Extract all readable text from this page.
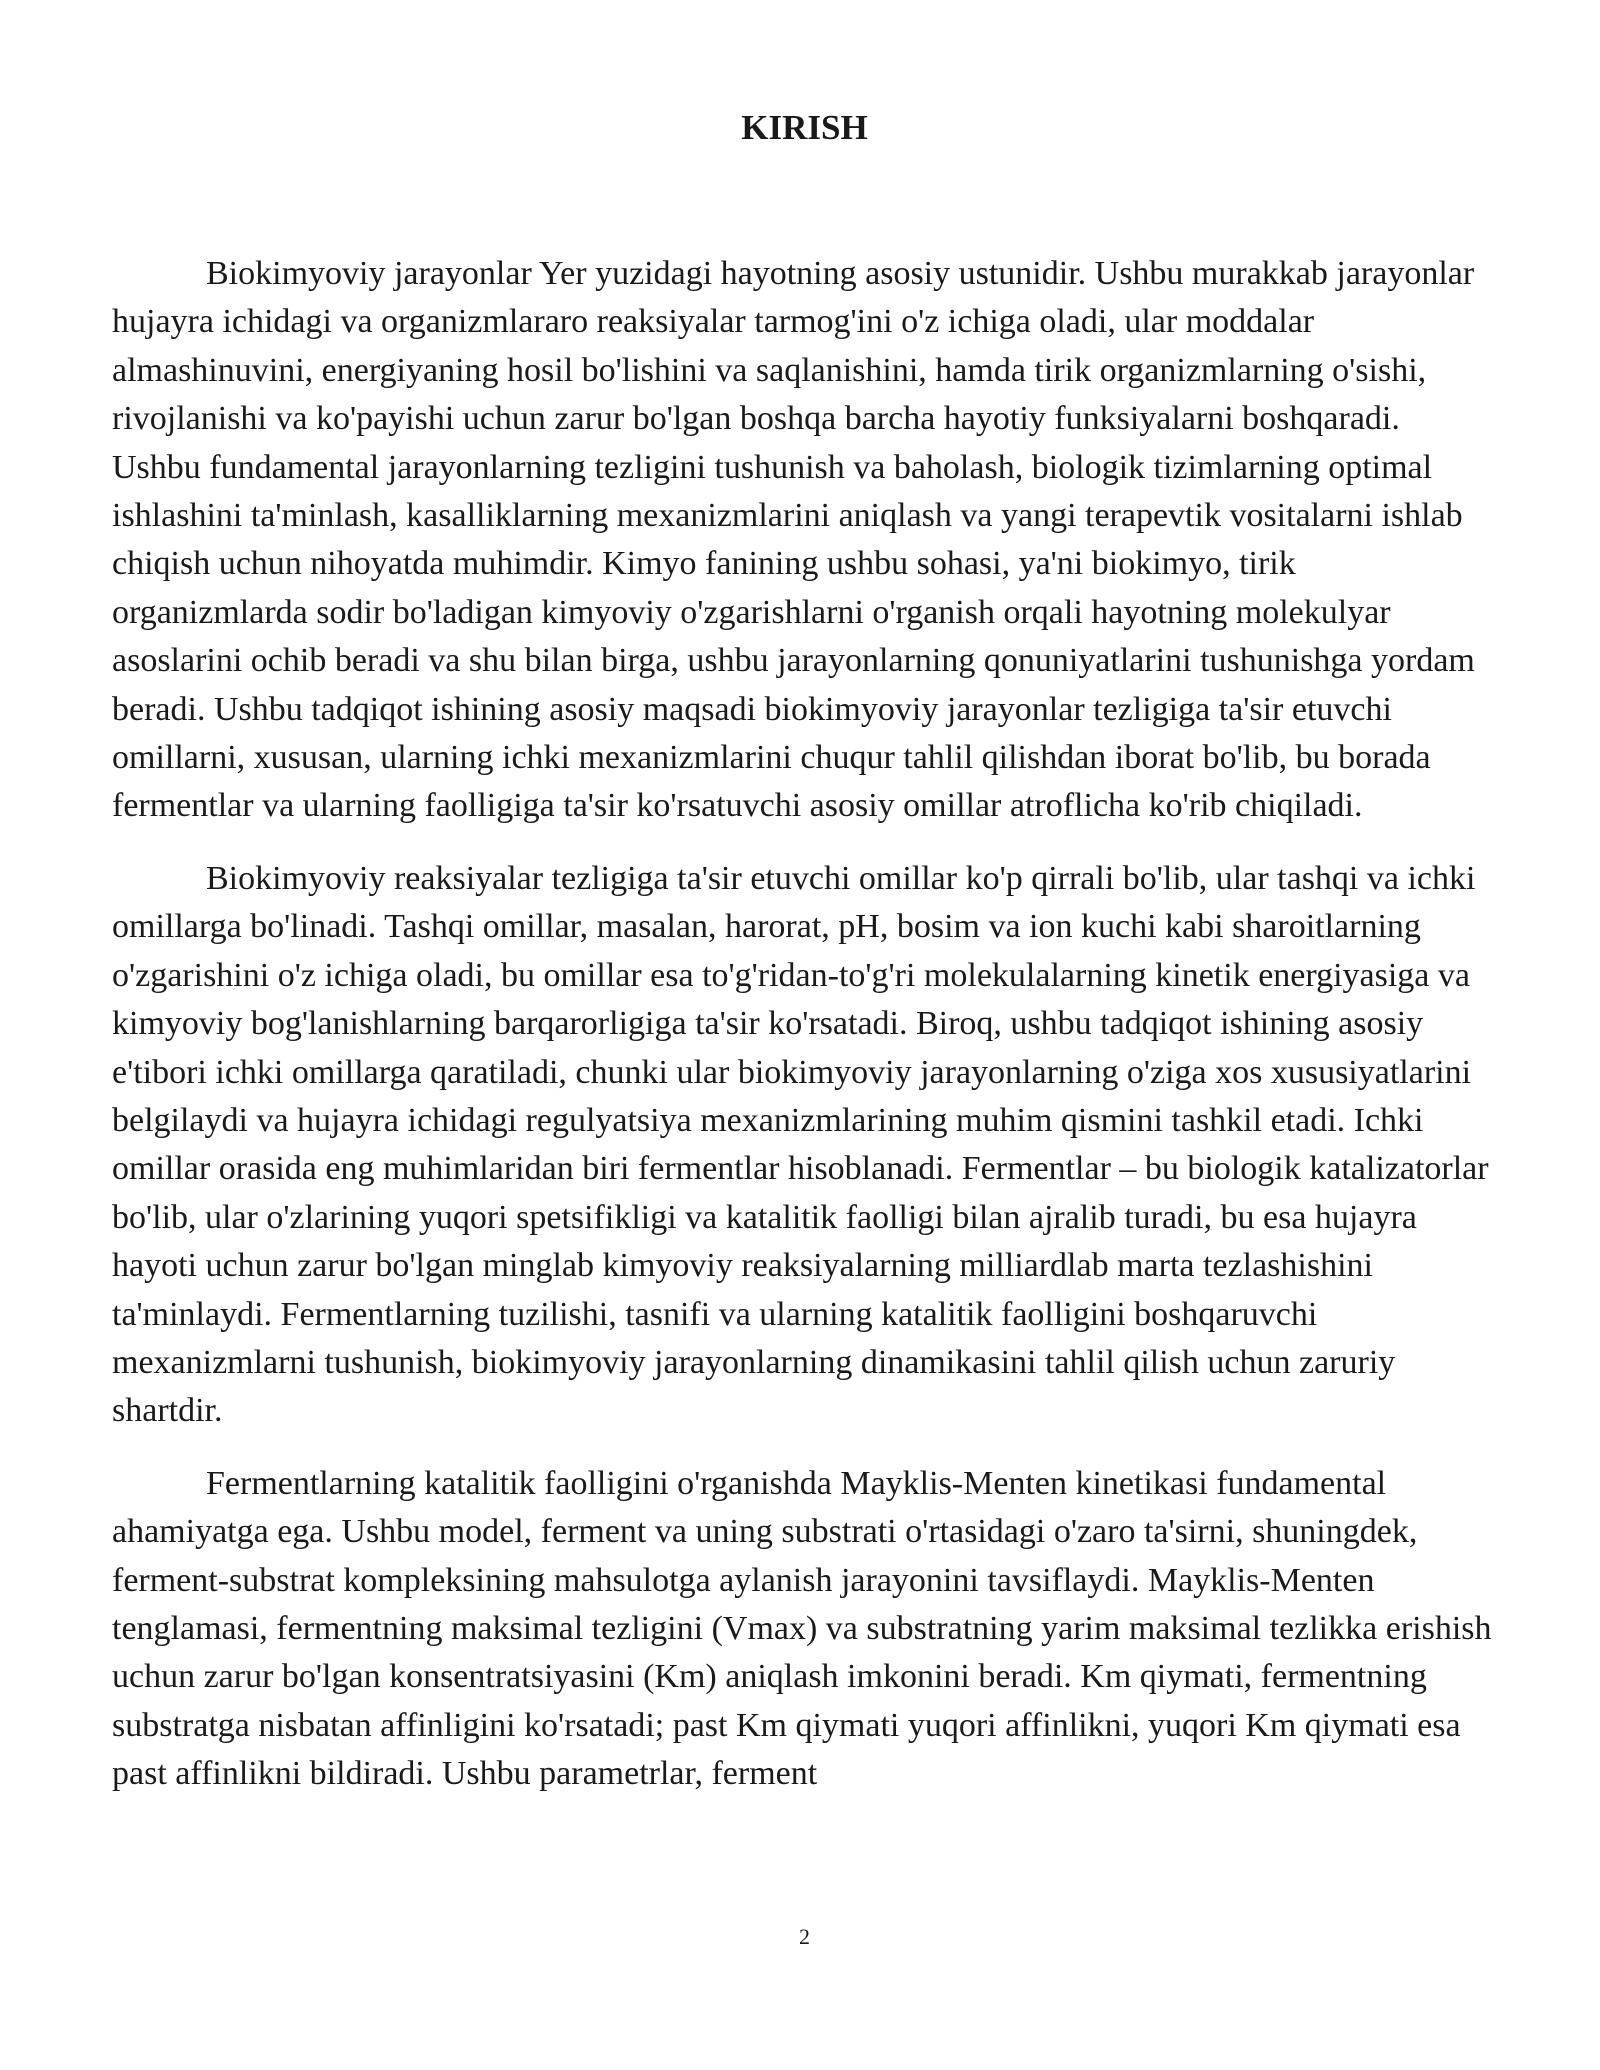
KIRISH

Biokimyoviy jarayonlar Yer yuzidagi hayotning asosiy ustunidir. Ushbu murakkab jarayonlar hujayra ichidagi va organizmlararo reaksiyalar tarmog'ini o'z ichiga oladi, ular moddalar almashinuvini, energiyaning hosil bo'lishini va saqlanishini, hamda tirik organizmlarning o'sishi, rivojlanishi va ko'payishi uchun zarur bo'lgan boshqa barcha hayotiy funksiyalarni boshqaradi. Ushbu fundamental jarayonlarning tezligini tushunish va baholash, biologik tizimlarning optimal ishlashini ta'minlash, kasalliklarning mexanizmlarini aniqlash va yangi terapevtik vositalarni ishlab chiqish uchun nihoyatda muhimdir. Kimyo fanining ushbu sohasi, ya'ni biokimyo, tirik organizmlarda sodir bo'ladigan kimyoviy o'zgarishlarni o'rganish orqali hayotning molekulyar asoslarini ochib beradi va shu bilan birga, ushbu jarayonlarning qonuniyatlarini tushunishga yordam beradi. Ushbu tadqiqot ishining asosiy maqsadi biokimyoviy jarayonlar tezligiga ta'sir etuvchi omillarni, xususan, ularning ichki mexanizmlarini chuqur tahlil qilishdan iborat bo'lib, bu borada fermentlar va ularning faolligiga ta'sir ko'rsatuvchi asosiy omillar atroflicha ko'rib chiqiladi.

Biokimyoviy reaksiyalar tezligiga ta'sir etuvchi omillar ko'p qirrali bo'lib, ular tashqi va ichki omillarga bo'linadi. Tashqi omillar, masalan, harorat, pH, bosim va ion kuchi kabi sharoitlarning o'zgarishini o'z ichiga oladi, bu omillar esa to'g'ridan-to'g'ri molekulalarning kinetik energiyasiga va kimyoviy bog'lanishlarning barqarorligiga ta'sir ko'rsatadi. Biroq, ushbu tadqiqot ishining asosiy e'tibori ichki omillarga qaratiladi, chunki ular biokimyoviy jarayonlarning o'ziga xos xususiyatlarini belgilaydi va hujayra ichidagi regulyatsiya mexanizmlarining muhim qismini tashkil etadi. Ichki omillar orasida eng muhimlaridan biri fermentlar hisoblanadi. Fermentlar – bu biologik katalizatorlar bo'lib, ular o'zlarining yuqori spetsifikligi va katalitik faolligi bilan ajralib turadi, bu esa hujayra hayoti uchun zarur bo'lgan minglab kimyoviy reaksiyalarning milliardlab marta tezlashishini ta'minlaydi. Fermentlarning tuzilishi, tasnifi va ularning katalitik faolligini boshqaruvchi mexanizmlarni tushunish, biokimyoviy jarayonlarning dinamikasini tahlil qilish uchun zaruriy shartdir.

Fermentlarning katalitik faolligini o'rganishda Mayklis-Menten kinetikasi fundamental ahamiyatga ega. Ushbu model, ferment va uning substrati o'rtasidagi o'zaro ta'sirni, shuningdek, ferment-substrat kompleksining mahsulotga aylanish jarayonini tavsiflaydi. Mayklis-Menten tenglamasi, fermentning maksimal tezligini (Vmax) va substratning yarim maksimal tezlikka erishish uchun zarur bo'lgan konsentratsiyasini (Km) aniqlash imkonini beradi. Km qiymati, fermentning substratga nisbatan affinligini ko'rsatadi; past Km qiymati yuqori affinlikni, yuqori Km qiymati esa past affinlikni bildiradi. Ushbu parametrlar, ferment

2
